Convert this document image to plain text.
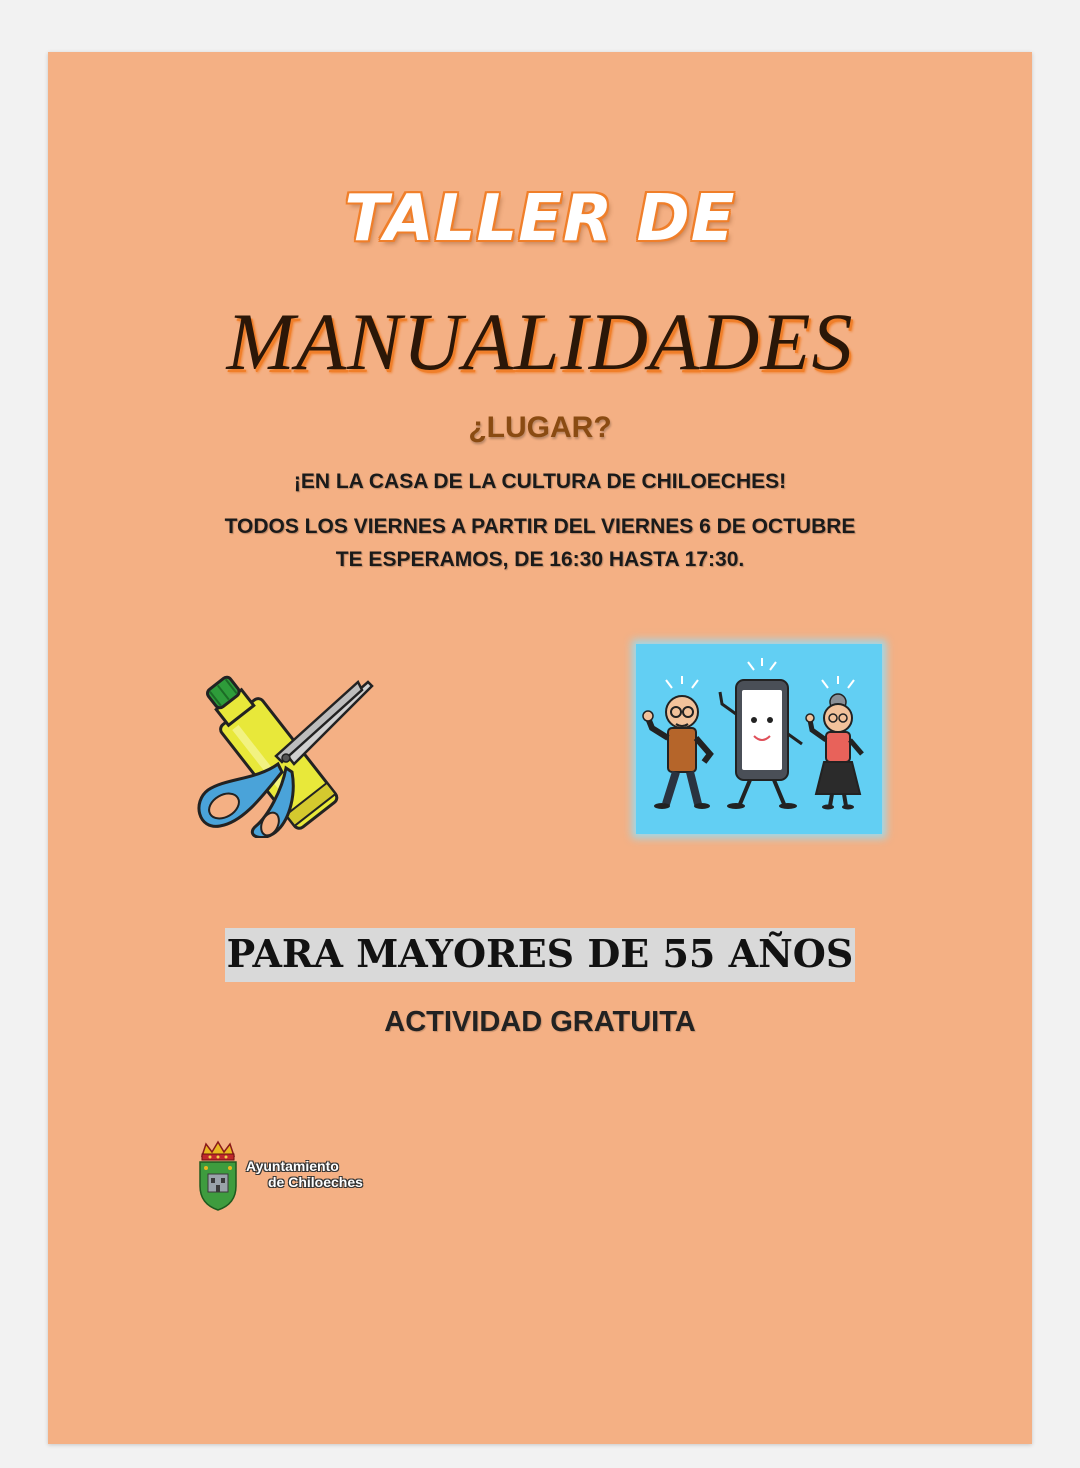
TALLER DE
MANUALIDADES
¿LUGAR?
¡EN LA CASA DE LA CULTURA DE CHILOECHES!
TODOS LOS VIERNES A PARTIR DEL VIERNES 6 DE OCTUBRE
TE ESPERAMOS, DE 16:30 HASTA 17:30.
PARA MAYORES DE 55 AÑOS
ACTIVIDAD GRATUITA
Ayuntamiento
de Chiloeches
